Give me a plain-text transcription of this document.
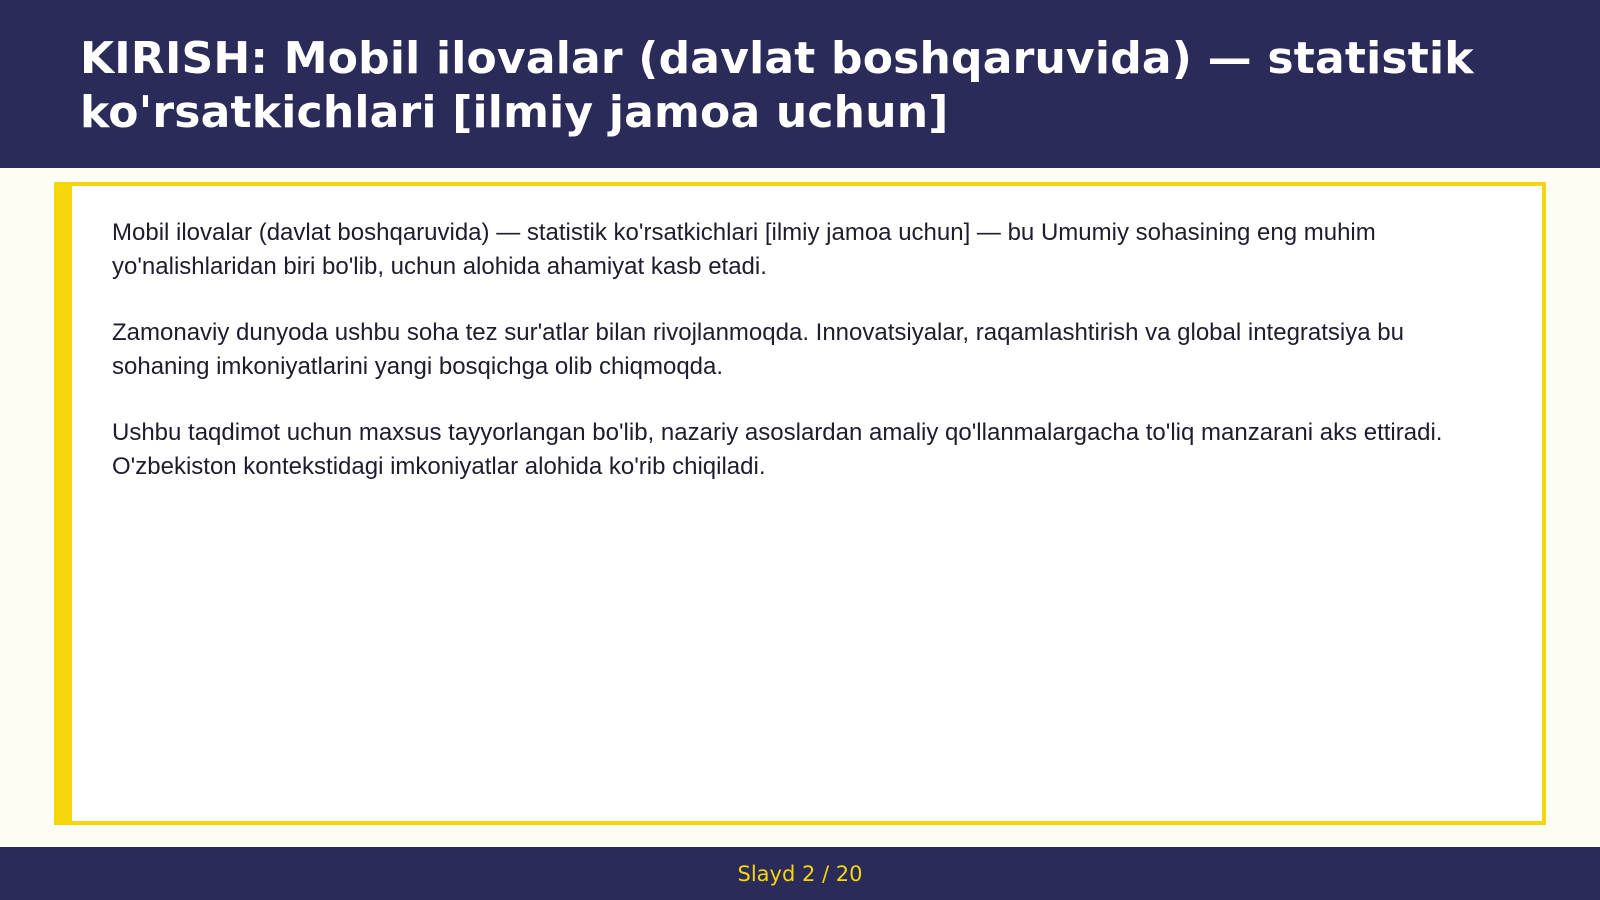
KIRISH: Mobil ilovalar (davlat boshqaruvida) — statistik ko'rsatkichlari [ilmiy jamoa uchun]

Mobil ilovalar (davlat boshqaruvida) — statistik ko'rsatkichlari [ilmiy jamoa uchun] — bu Umumiy sohasining eng muhim yo'nalishlaridan biri bo'lib, uchun alohida ahamiyat kasb etadi.

Zamonaviy dunyoda ushbu soha tez sur'atlar bilan rivojlanmoqda. Innovatsiyalar, raqamlashtirish va global integratsiya bu sohaning imkoniyatlarini yangi bosqichga olib chiqmoqda.

Ushbu taqdimot uchun maxsus tayyorlangan bo'lib, nazariy asoslardan amaliy qo'llanmalargacha to'liq manzarani aks ettiradi. O'zbekiston kontekstidagi imkoniyatlar alohida ko'rib chiqiladi.

Slayd 2 / 20
